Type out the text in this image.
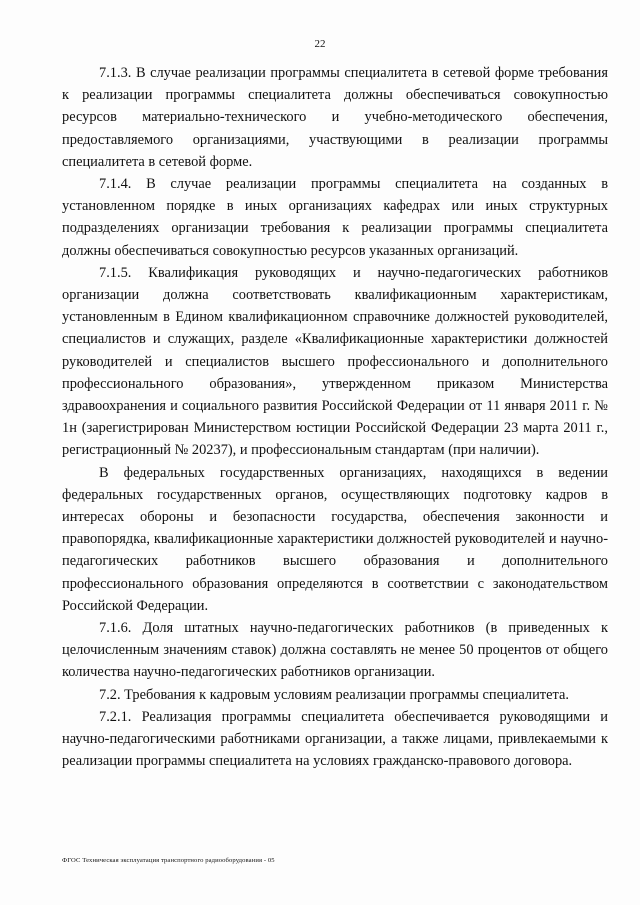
22

7.1.3. В случае реализации программы специалитета в сетевой форме требования к реализации программы специалитета должны обеспечиваться совокупностью ресурсов материально-технического и учебно-методического обеспечения, предоставляемого организациями, участвующими в реализации программы специалитета в сетевой форме.

7.1.4. В случае реализации программы специалитета на созданных в установленном порядке в иных организациях кафедрах или иных структурных подразделениях организации требования к реализации программы специалитета должны обеспечиваться совокупностью ресурсов указанных организаций.

7.1.5. Квалификация руководящих и научно-педагогических работников организации должна соответствовать квалификационным характеристикам, установленным в Едином квалификационном справочнике должностей руководителей, специалистов и служащих, разделе «Квалификационные характеристики должностей руководителей и специалистов высшего профессионального и дополнительного профессионального образования», утвержденном приказом Министерства здравоохранения и социального развития Российской Федерации от 11 января 2011 г. № 1н (зарегистрирован Министерством юстиции Российской Федерации 23 марта 2011 г., регистрационный № 20237), и профессиональным стандартам (при наличии).

В федеральных государственных организациях, находящихся в ведении федеральных государственных органов, осуществляющих подготовку кадров в интересах обороны и безопасности государства, обеспечения законности и правопорядка, квалификационные характеристики должностей руководителей и научно-педагогических работников высшего образования и дополнительного профессионального образования определяются в соответствии с законодательством Российской Федерации.

7.1.6. Доля штатных научно-педагогических работников (в приведенных к целочисленным значениям ставок) должна составлять не менее 50 процентов от общего количества научно-педагогических работников организации.

7.2. Требования к кадровым условиям реализации программы специалитета.

7.2.1. Реализация программы специалитета обеспечивается руководящими и научно-педагогическими работниками организации, а также лицами, привлекаемыми к реализации программы специалитета на условиях гражданско-правового договора.

ФГОС Техническая эксплуатация транспортного радиооборудования - 05
